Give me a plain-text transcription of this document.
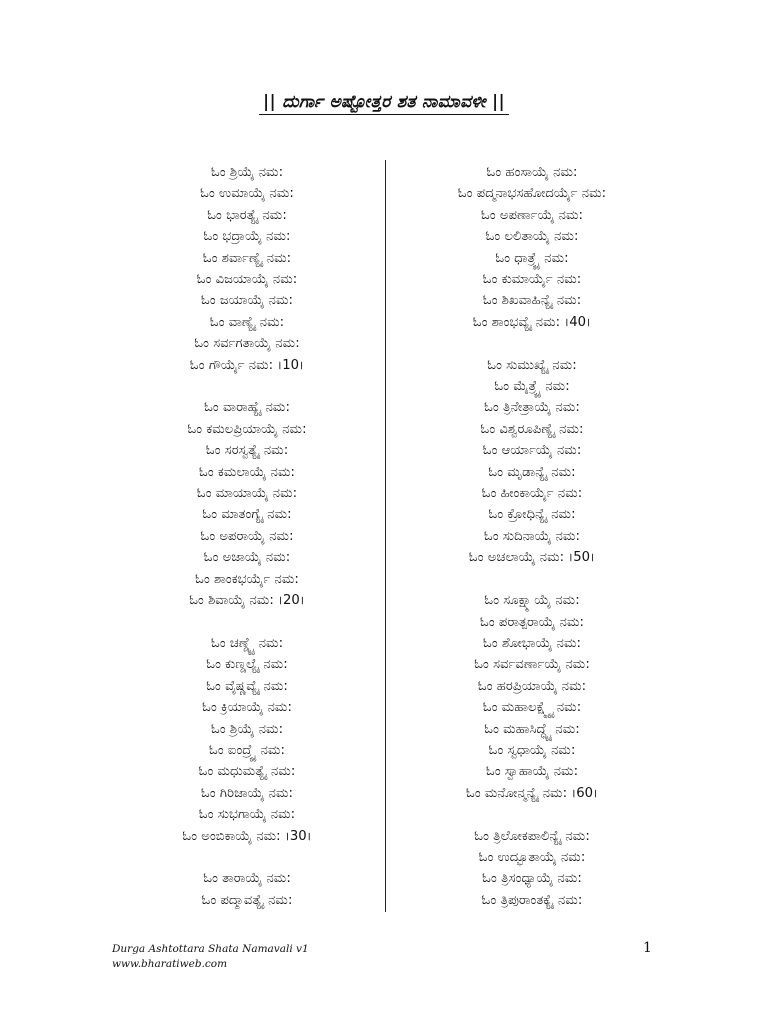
|| ದುರ್ಗಾ ಅಷ್ಟೋತ್ತರ ಶತ ನಾಮಾವಳೀ ||
ಓಂ ಶ್ರಿಯೈ ನಮ:
ಓಂ ಉಮಾಯೈ ನಮ:
ಓಂ ಭಾರತ್ಯೈ ನಮ:
ಓಂ ಭದ್ರಾಯೈ ನಮ:
ಓಂ ಶರ್ವಾಣ್ಯೈ ನಮ:
ಓಂ ವಿಜಯಾಯೈ ನಮ:
ಓಂ ಜಯಾಯೈ ನಮ:
ಓಂ ವಾಣ್ಯೈ ನಮ:
ಓಂ ಸರ್ವಗತಾಯೈ ನಮ:
ಓಂ ಗೌರ್ಯೈ ನಮ: ।10।
ಓಂ ವಾರಾಹ್ಯೈ ನಮ:
ಓಂ ಕಮಲಪ್ರಿಯಾಯೈ ನಮ:
ಓಂ ಸರಸ್ವತ್ಯೈ ನಮ:
ಓಂ ಕಮಲಾಯೈ ನಮ:
ಓಂ ಮಾಯಾಯೈ ನಮ:
ಓಂ ಮಾತಂಗ್ಯೈ ನಮ:
ಓಂ ಅಪರಾಯೈ ನಮ:
ಓಂ ಅಜಾಯೈ ನಮ:
ಓಂ ಶಾಂಕಭರ್ಯೈ ನಮ:
ಓಂ ಶಿವಾಯೈ ನಮ: ।20।
ಓಂ ಚಣ್ಡ್ಯೈ ನಮ:
ಓಂ ಕುಣ್ಡಲ್ಯೈ ನಮ:
ಓಂ ವೈಷ್ಣವ್ಯೈ ನಮ:
ಓಂ ಕ್ರಿಯಾಯೈ ನಮ:
ಓಂ ಶ್ರಿಯೈ ನಮ:
ಓಂ ಐಂದ್ರ್ಯೈ ನಮ:
ಓಂ ಮಧುಮತ್ಯೈ ನಮ:
ಓಂ ಗಿರಿಜಾಯೈ ನಮ:
ಓಂ ಸುಭಗಾಯೈ ನಮ:
ಓಂ ಅಂಬಿಕಾಯೈ ನಮ: ।30।
ಓಂ ತಾರಾಯೈ ನಮ:
ಓಂ ಪದ್ಮಾವತ್ಯೈ ನಮ:
ಓಂ ಹಂಸಾಯೈ ನಮ:
ಓಂ ಪದ್ಮನಾಭಸಹೋದರ್ಯೈ ನಮ:
ಓಂ ಅಪರ್ಣಾಯೈ ನಮ:
ಓಂ ಲಲಿತಾಯೈ ನಮ:
ಓಂ ಧಾತ್ರ್ಯೈ ನಮ:
ಓಂ ಕುಮಾರ್ಯೈ ನಮ:
ಓಂ ಶಿಖವಾಹಿನ್ಯೈ ನಮ:
ಓಂ ಶಾಂಭವ್ಯೈ ನಮ: ।40।
ಓಂ ಸುಮುಖ್ಯೈ ನಮ:
ಓಂ ಮೈತ್ರ್ಯೈ ನಮ:
ಓಂ ತ್ರಿನೇತ್ರಾಯೈ ನಮ:
ಓಂ ವಿಶ್ವರೂಪಿಣ್ಯೈ ನಮ:
ಓಂ ಆರ್ಯಾಯೈ ನಮ:
ಓಂ ಮೃಡಾನ್ಯೈ ನಮ:
ಓಂ ಹೀಂಕಾರ್ಯೈ ನಮ:
ಓಂ ಕ್ರೋಧಿನ್ಯೈ ನಮ:
ಓಂ ಸುದಿನಾಯೈ ನಮ:
ಓಂ ಅಚಲಾಯೈ ನಮ: ।50।
ಓಂ ಸೂಕ್ಷ್ಮಾಯೈ ನಮ:
ಓಂ ಪರಾತ್ಪರಾಯೈ ನಮ:
ಓಂ ಶೋಭಾಯೈ ನಮ:
ಓಂ ಸರ್ವವರ್ಣಾಯೈ ನಮ:
ಓಂ ಹರಪ್ರಿಯಾಯೈ ನಮ:
ಓಂ ಮಹಾಲಕ್ಷ್ಮ್ಯೈ ನಮ:
ಓಂ ಮಹಾಸಿದ್ಧ್ಯೈ ನಮ:
ಓಂ ಸ್ವಧಾಯೈ ನಮ:
ಓಂ ಸ್ವಾಹಾಯೈ ನಮ:
ಓಂ ಮನೋನ್ಮನ್ಯೈ ನಮ: ।60।
ಓಂ ತ್ರಿಲೋಕಪಾಲಿನ್ಯೈ ನಮ:
ಓಂ ಉದ್ಭೂತಾಯೈ ನಮ:
ಓಂ ತ್ರಿಸಂಧ್ಯಾಯೈ ನಮ:
ಓಂ ತ್ರಿಪುರಾಂತಕ್ಯೈ ನಮ:
Durga Ashtottara Shata Namavali v1
www.bharatiweb.com
1
